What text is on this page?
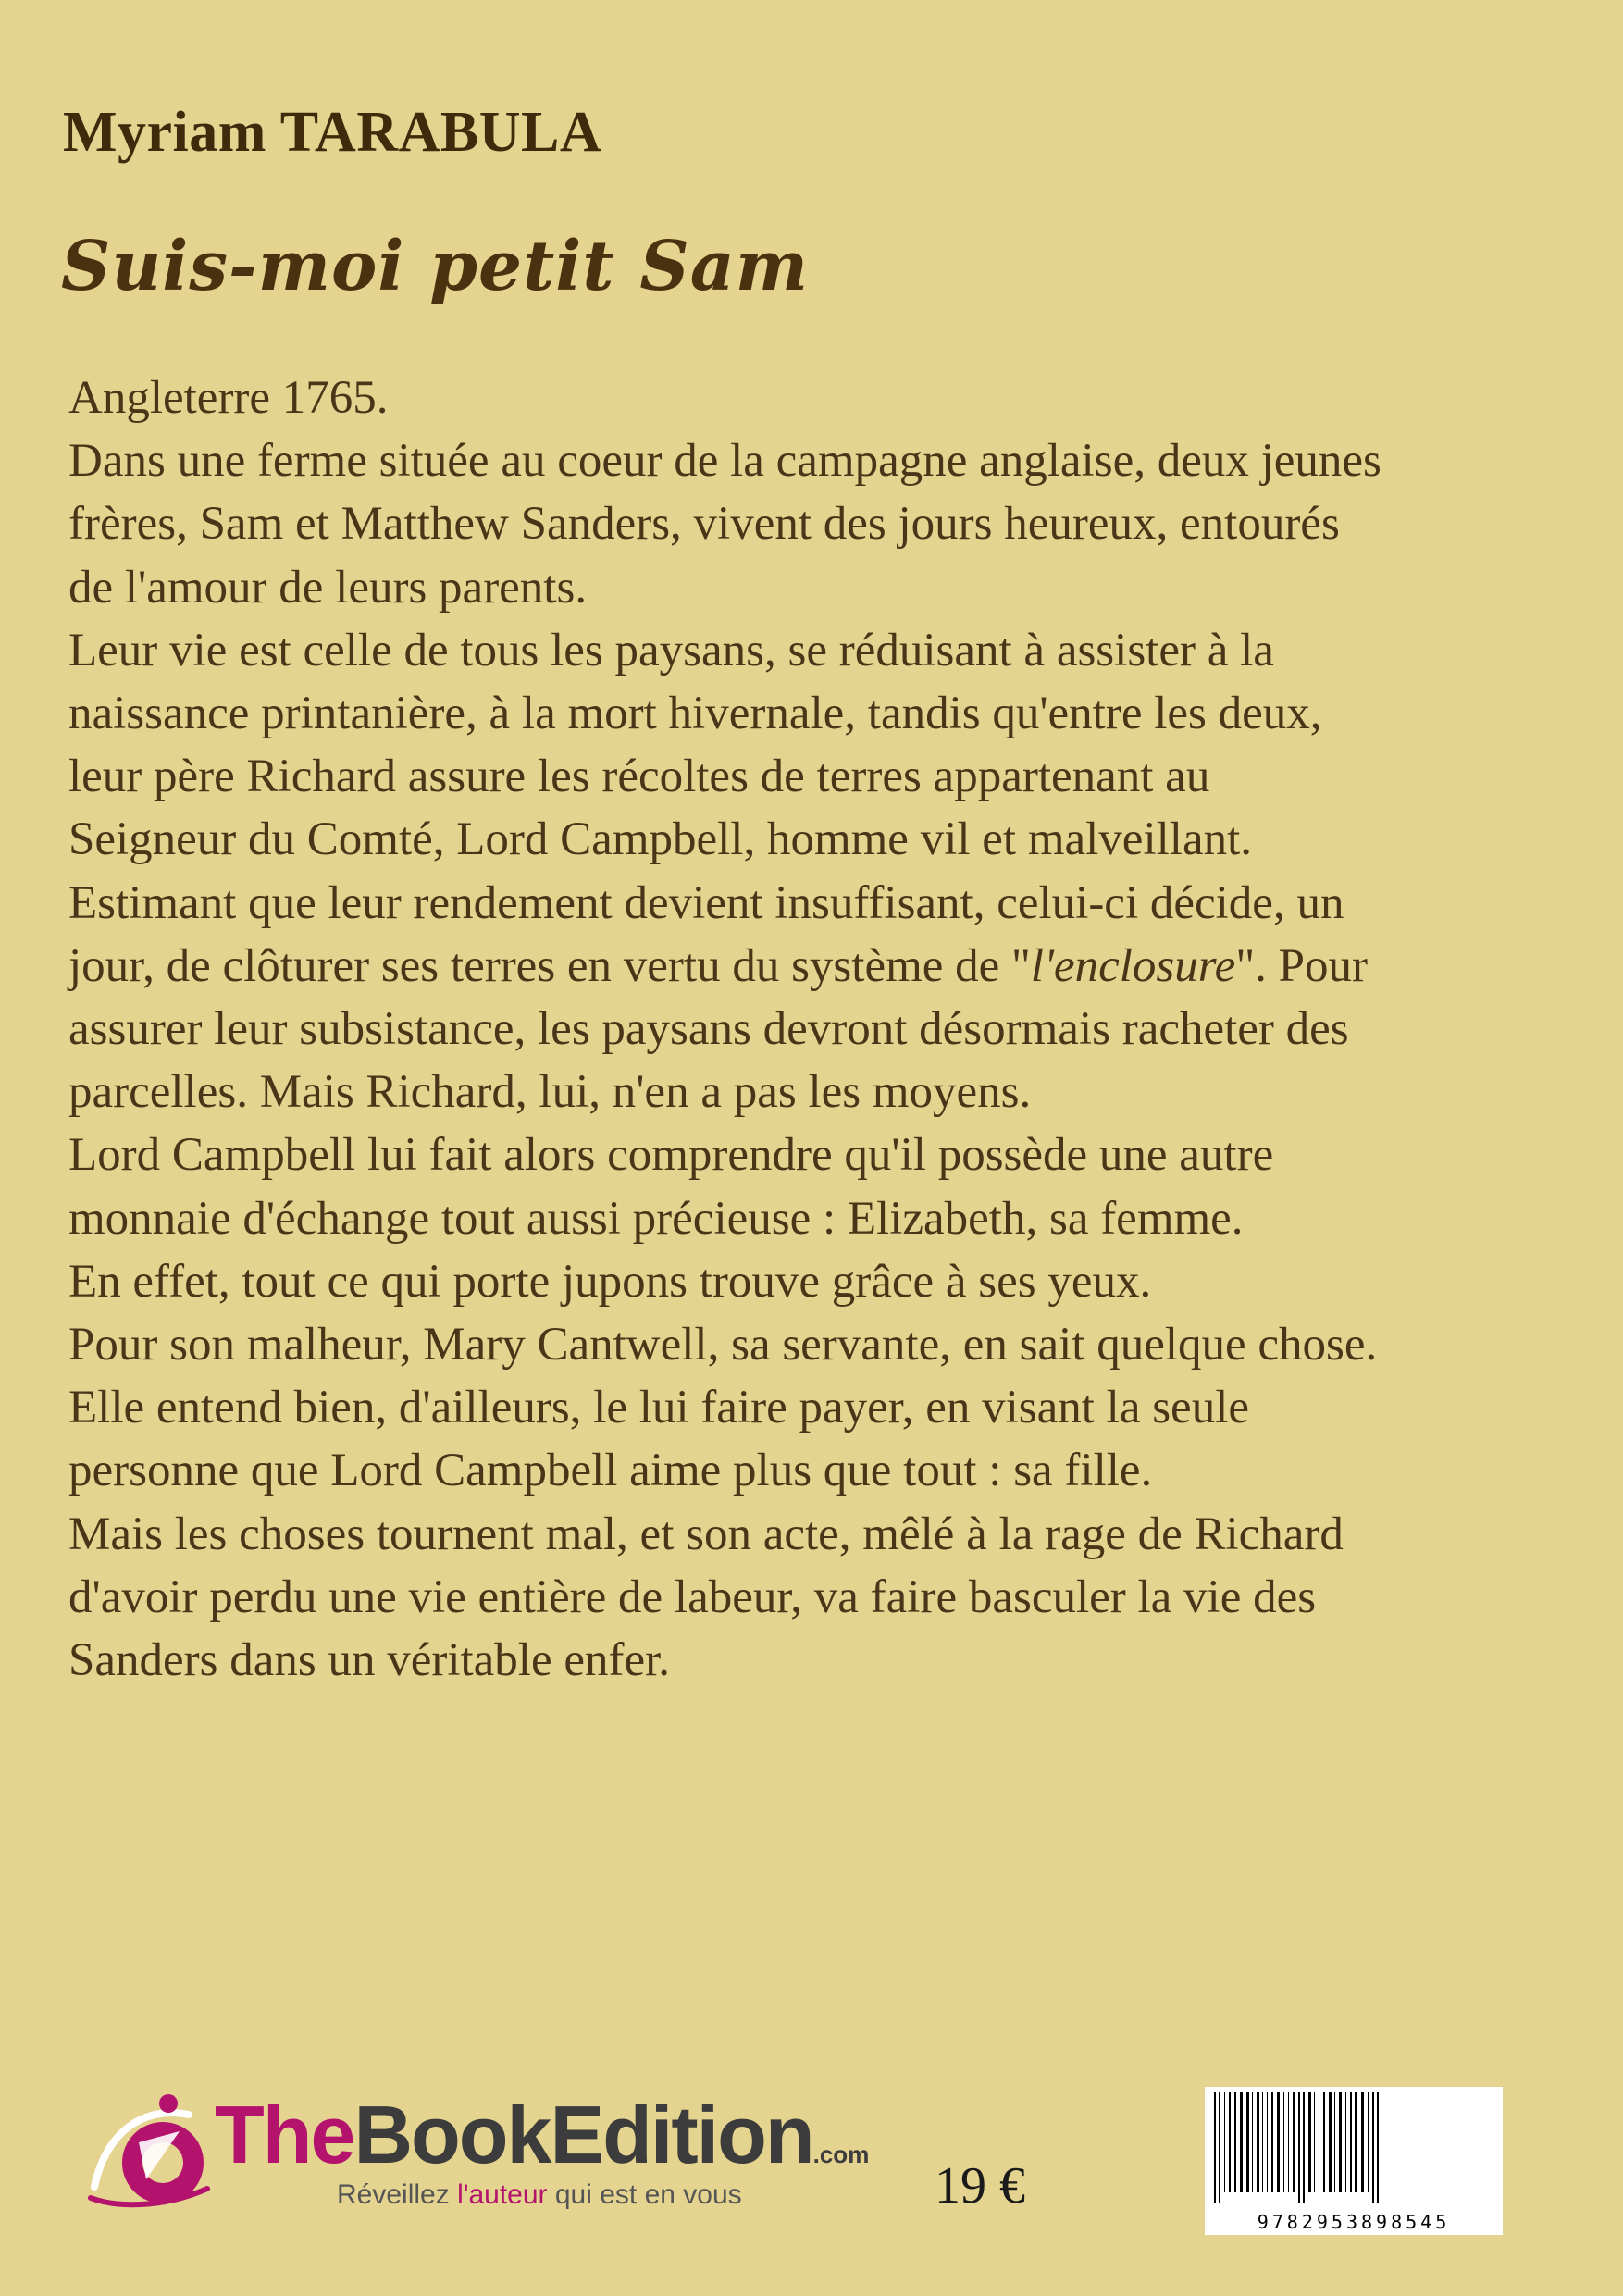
Myriam TARABULA
Suis-moi petit Sam

Angleterre 1765.

Dans une ferme située au coeur de la campagne anglaise, deux jeunes

frères, Sam et Matthew Sanders, vivent des jours heureux, entourés

de l'amour de leurs parents.

Leur vie est celle de tous les paysans, se réduisant à assister à la

naissance printanière, à la mort hivernale, tandis qu'entre les deux,

leur père Richard assure les récoltes de terres appartenant au

Seigneur du Comté, Lord Campbell, homme vil et malveillant.

Estimant que leur rendement devient insuffisant, celui-ci décide, un

jour, de clôturer ses terres en vertu du système de "l'enclosure". Pour

assurer leur subsistance, les paysans devront désormais racheter des

parcelles. Mais Richard, lui, n'en a pas les moyens.

Lord Campbell lui fait alors comprendre qu'il possède une autre

monnaie d'échange tout aussi précieuse : Elizabeth, sa femme.

En effet, tout ce qui porte jupons trouve grâce à ses yeux.

Pour son malheur, Mary Cantwell, sa servante, en sait quelque chose.

Elle entend bien, d'ailleurs, le lui faire payer, en visant la seule

personne que Lord Campbell aime plus que tout : sa fille.

Mais les choses tournent mal, et son acte, mêlé à la rage de Richard

d'avoir perdu une vie entière de labeur, va faire basculer la vie des

Sanders dans un véritable enfer.

TheBookEdition.com
Réveillez l'auteur qui est en vous	19 €
9782953898545
